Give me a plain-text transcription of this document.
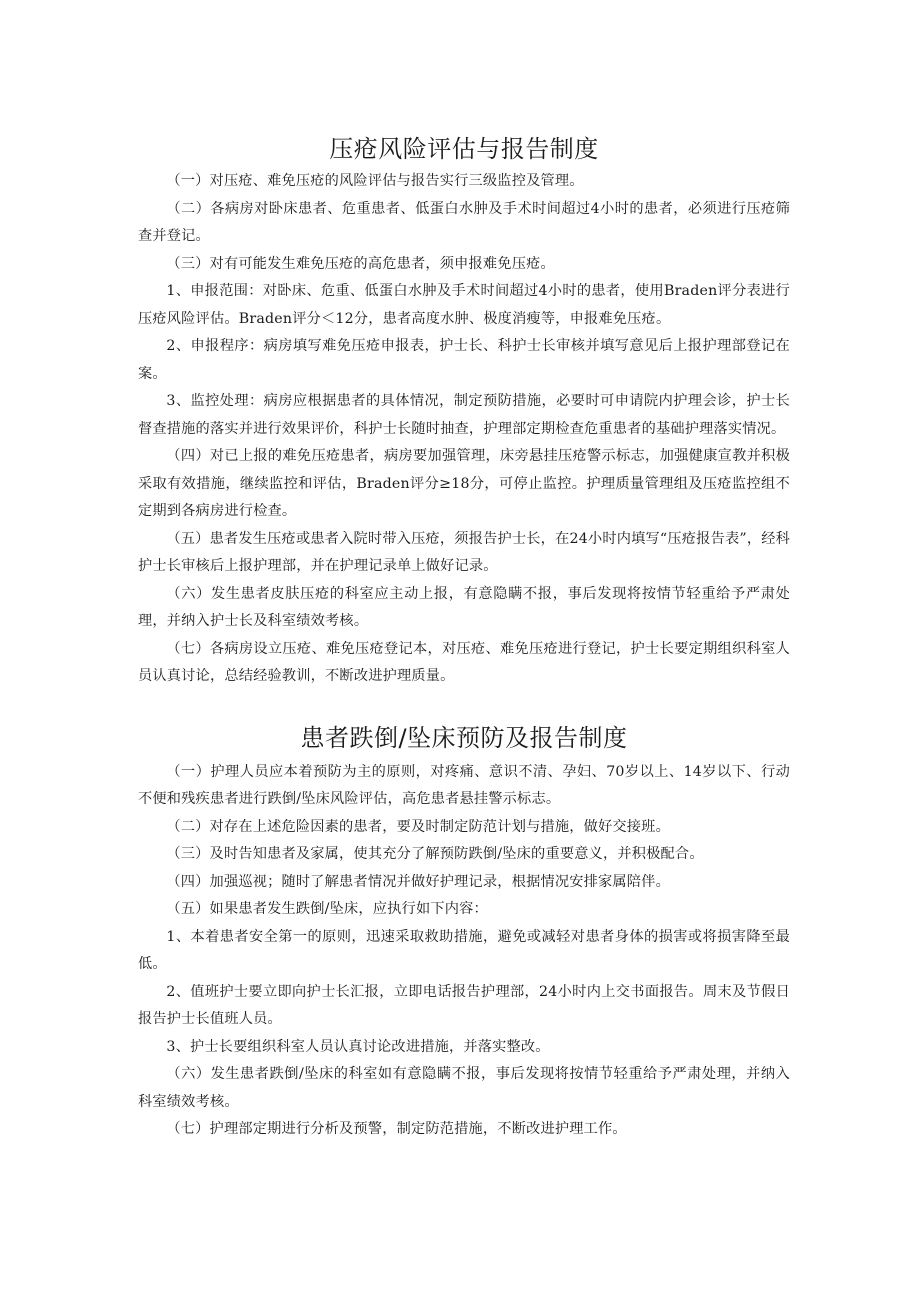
压疮风险评估与报告制度

（一）对压疮、难免压疮的风险评估与报告实行三级监控及管理。

（二）各病房对卧床患者、危重患者、低蛋白水肿及手术时间超过4小时的患者，必须进行压疮筛查并登记。

（三）对有可能发生难免压疮的高危患者，须申报难免压疮。

1、申报范围：对卧床、危重、低蛋白水肿及手术时间超过4小时的患者，使用Braden评分表进行压疮风险评估。Braden评分＜12分，患者高度水肿、极度消瘦等，申报难免压疮。

2、申报程序：病房填写难免压疮申报表，护士长、科护士长审核并填写意见后上报护理部登记在案。

3、监控处理：病房应根据患者的具体情况，制定预防措施，必要时可申请院内护理会诊，护士长督查措施的落实并进行效果评价，科护士长随时抽查，护理部定期检查危重患者的基础护理落实情况。

（四）对已上报的难免压疮患者，病房要加强管理，床旁悬挂压疮警示标志，加强健康宣教并积极采取有效措施，继续监控和评估，Braden评分≥18分，可停止监控。护理质量管理组及压疮监控组不定期到各病房进行检查。

（五）患者发生压疮或患者入院时带入压疮，须报告护士长，在24小时内填写“压疮报告表”，经科护士长审核后上报护理部，并在护理记录单上做好记录。

（六）发生患者皮肤压疮的科室应主动上报，有意隐瞒不报，事后发现将按情节轻重给予严肃处理，并纳入护士长及科室绩效考核。

（七）各病房设立压疮、难免压疮登记本，对压疮、难免压疮进行登记，护士长要定期组织科室人员认真讨论，总结经验教训，不断改进护理质量。

患者跌倒/坠床预防及报告制度

（一）护理人员应本着预防为主的原则，对疼痛、意识不清、孕妇、70岁以上、14岁以下、行动不便和残疾患者进行跌倒/坠床风险评估，高危患者悬挂警示标志。

（二）对存在上述危险因素的患者，要及时制定防范计划与措施，做好交接班。

（三）及时告知患者及家属，使其充分了解预防跌倒/坠床的重要意义，并积极配合。

（四）加强巡视；随时了解患者情况并做好护理记录，根据情况安排家属陪伴。

（五）如果患者发生跌倒/坠床，应执行如下内容：

1、本着患者安全第一的原则，迅速采取救助措施，避免或减轻对患者身体的损害或将损害降至最低。

2、值班护士要立即向护士长汇报，立即电话报告护理部，24小时内上交书面报告。周末及节假日报告护士长值班人员。

3、护士长要组织科室人员认真讨论改进措施，并落实整改。

（六）发生患者跌倒/坠床的科室如有意隐瞒不报，事后发现将按情节轻重给予严肃处理，并纳入科室绩效考核。

（七）护理部定期进行分析及预警，制定防范措施，不断改进护理工作。
